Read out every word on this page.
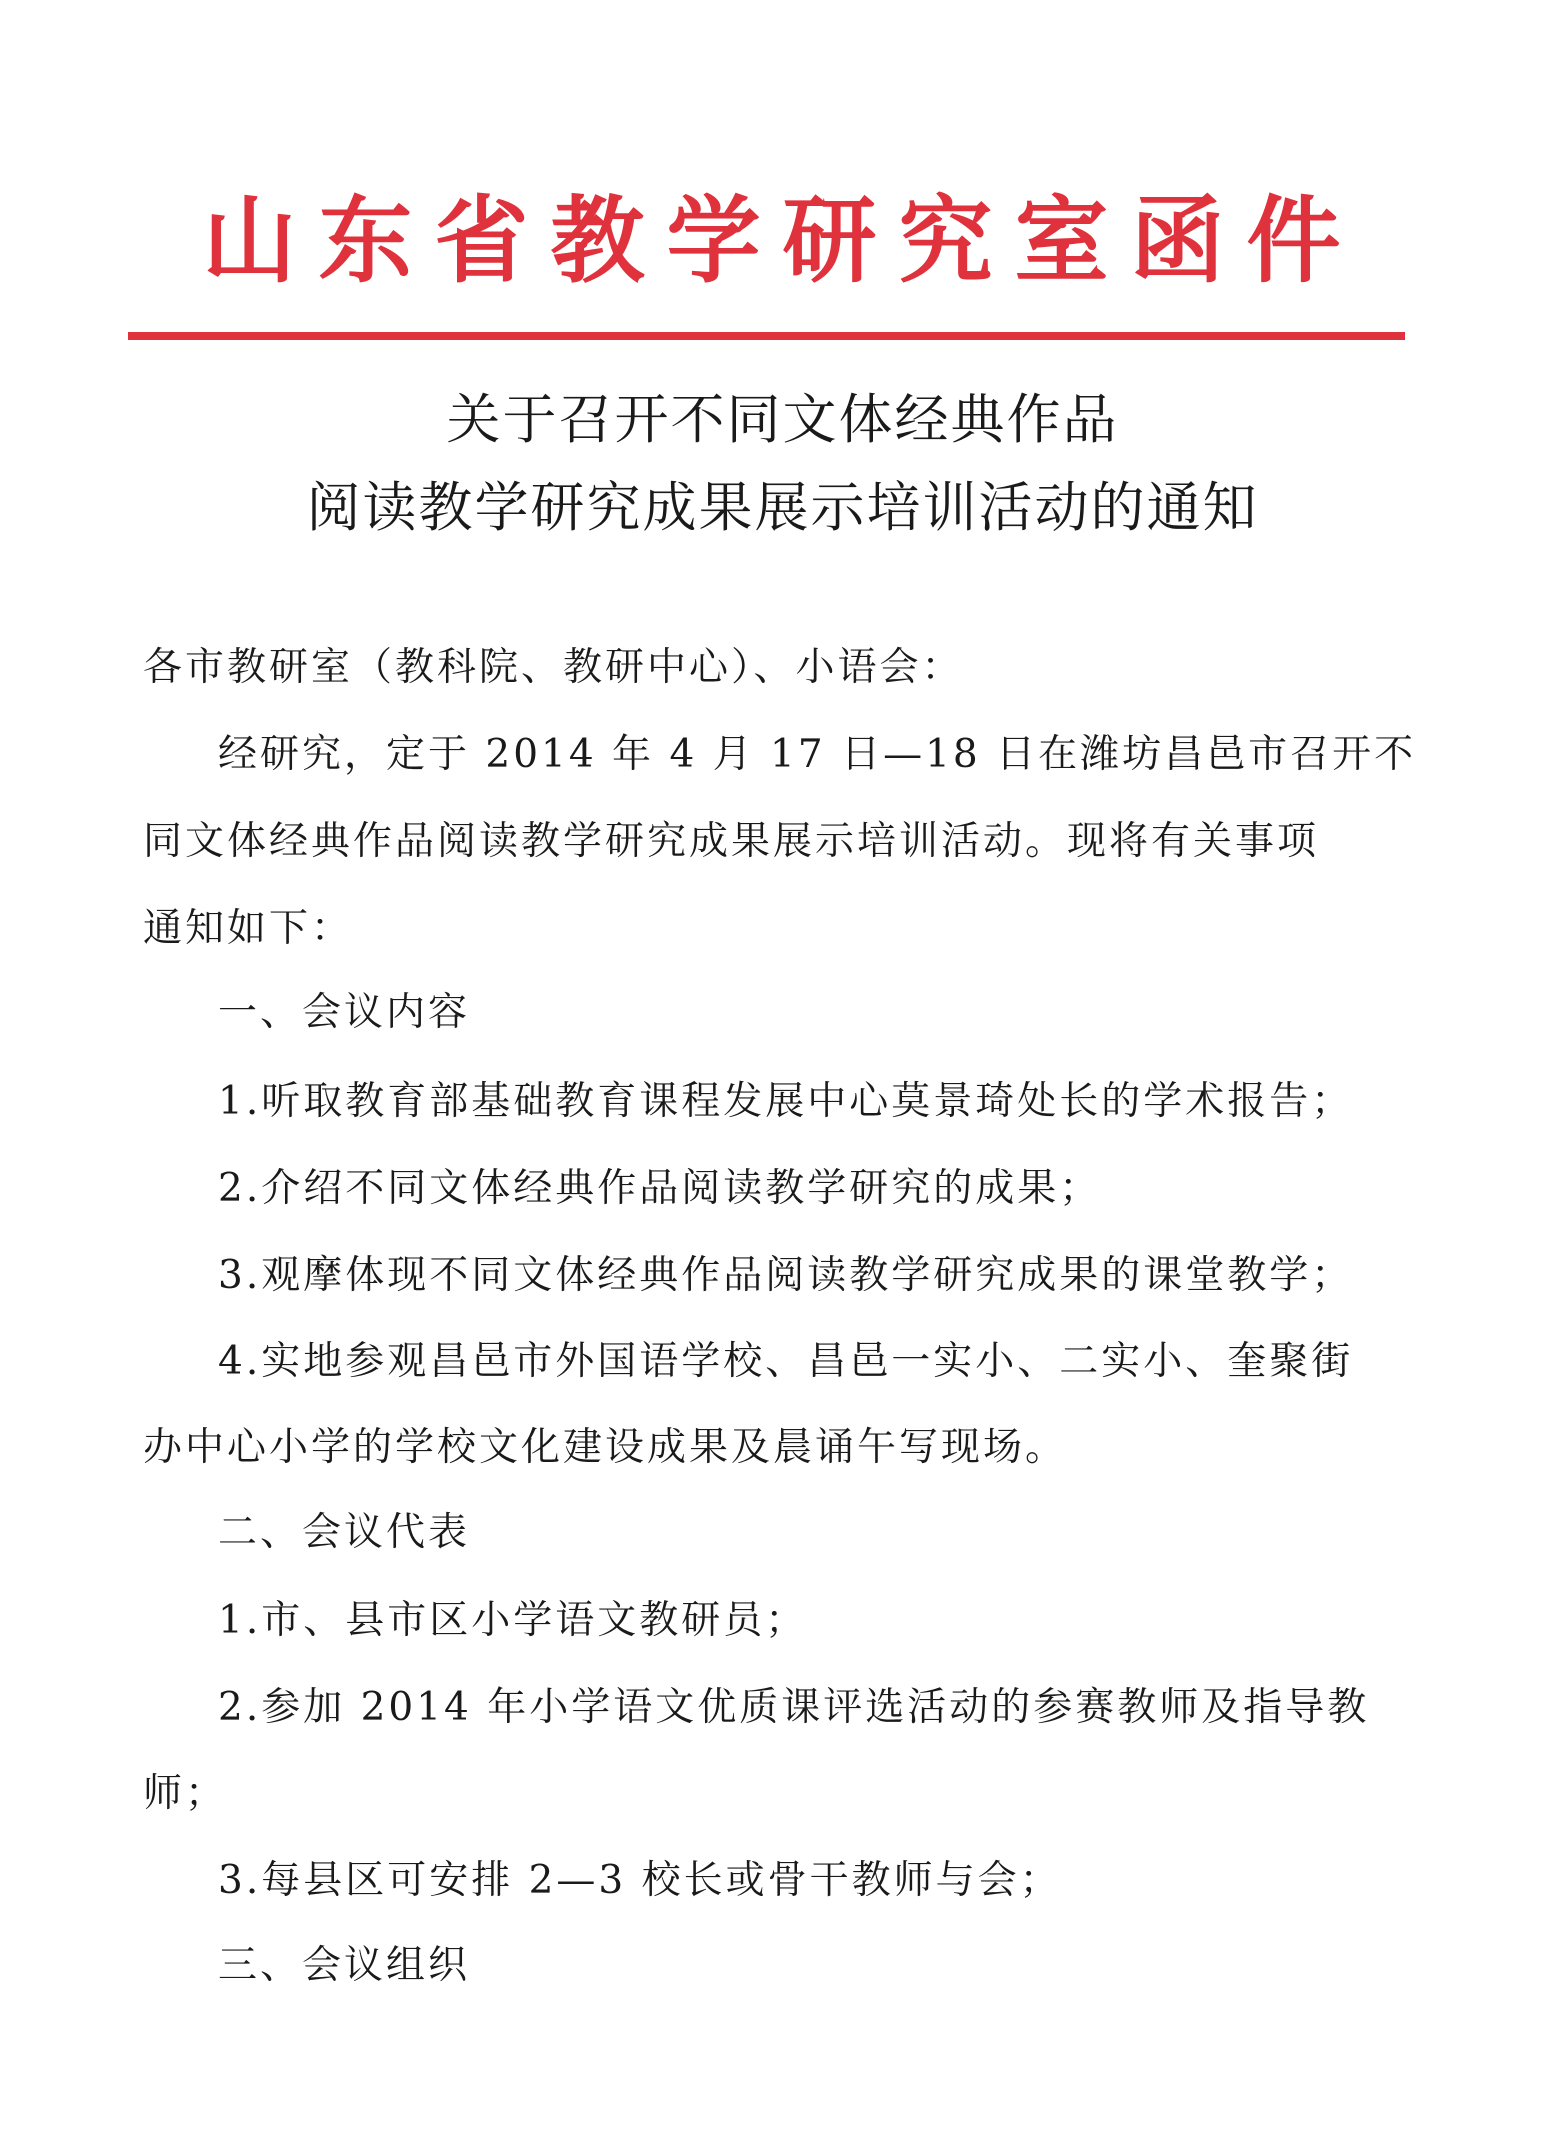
山东省教学研究室函件
关于召开不同文体经典作品
阅读教学研究成果展示培训活动的通知
各市教研室（教科院、教研中心）、小语会：
经研究，定于 2014 年 4 月 17 日—18 日在潍坊昌邑市召开不
同文体经典作品阅读教学研究成果展示培训活动。现将有关事项
通知如下：
一、会议内容
1.听取教育部基础教育课程发展中心莫景琦处长的学术报告；
2.介绍不同文体经典作品阅读教学研究的成果；
3.观摩体现不同文体经典作品阅读教学研究成果的课堂教学；
4.实地参观昌邑市外国语学校、昌邑一实小、二实小、奎聚街
办中心小学的学校文化建设成果及晨诵午写现场。
二、会议代表
1.市、县市区小学语文教研员；
2.参加 2014 年小学语文优质课评选活动的参赛教师及指导教
师；
3.每县区可安排 2—3 校长或骨干教师与会；
三、会议组织
